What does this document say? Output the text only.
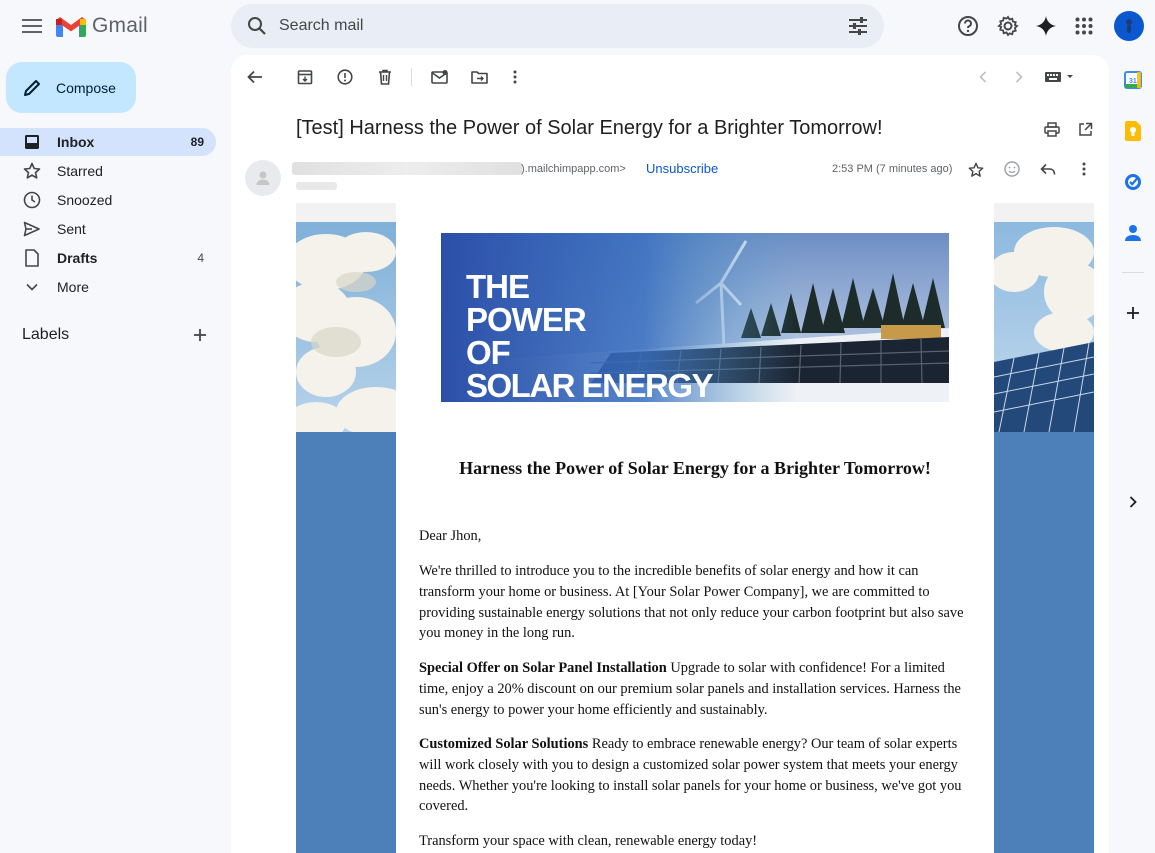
Gmail	Search mail
Compose
Inbox	89
Starred
Snoozed
Sent
Drafts	4
More
Labels
[Test] Harness the Power of Solar Energy for a Brighter Tomorrow!
).mailchimpapp.com> Unsubscribe	2:53 PM (7 minutes ago)
THE
POWER
OF
SOLAR ENERGY
Harness the Power of Solar Energy for a Brighter Tomorrow!
Dear Jhon,
We're thrilled to introduce you to the incredible benefits of solar energy and how it can transform your home or business. At [Your Solar Power Company], we are committed to providing sustainable energy solutions that not only reduce your carbon footprint but also save you money in the long run.
Special Offer on Solar Panel Installation Upgrade to solar with confidence! For a limited time, enjoy a 20% discount on our premium solar panels and installation services. Harness the sun's energy to power your home efficiently and sustainably.
Customized Solar Solutions Ready to embrace renewable energy? Our team of solar experts will work closely with you to design a customized solar power system that meets your energy needs. Whether you're looking to install solar panels for your home or business, we've got you covered.
Transform your space with clean, renewable energy today!
31
